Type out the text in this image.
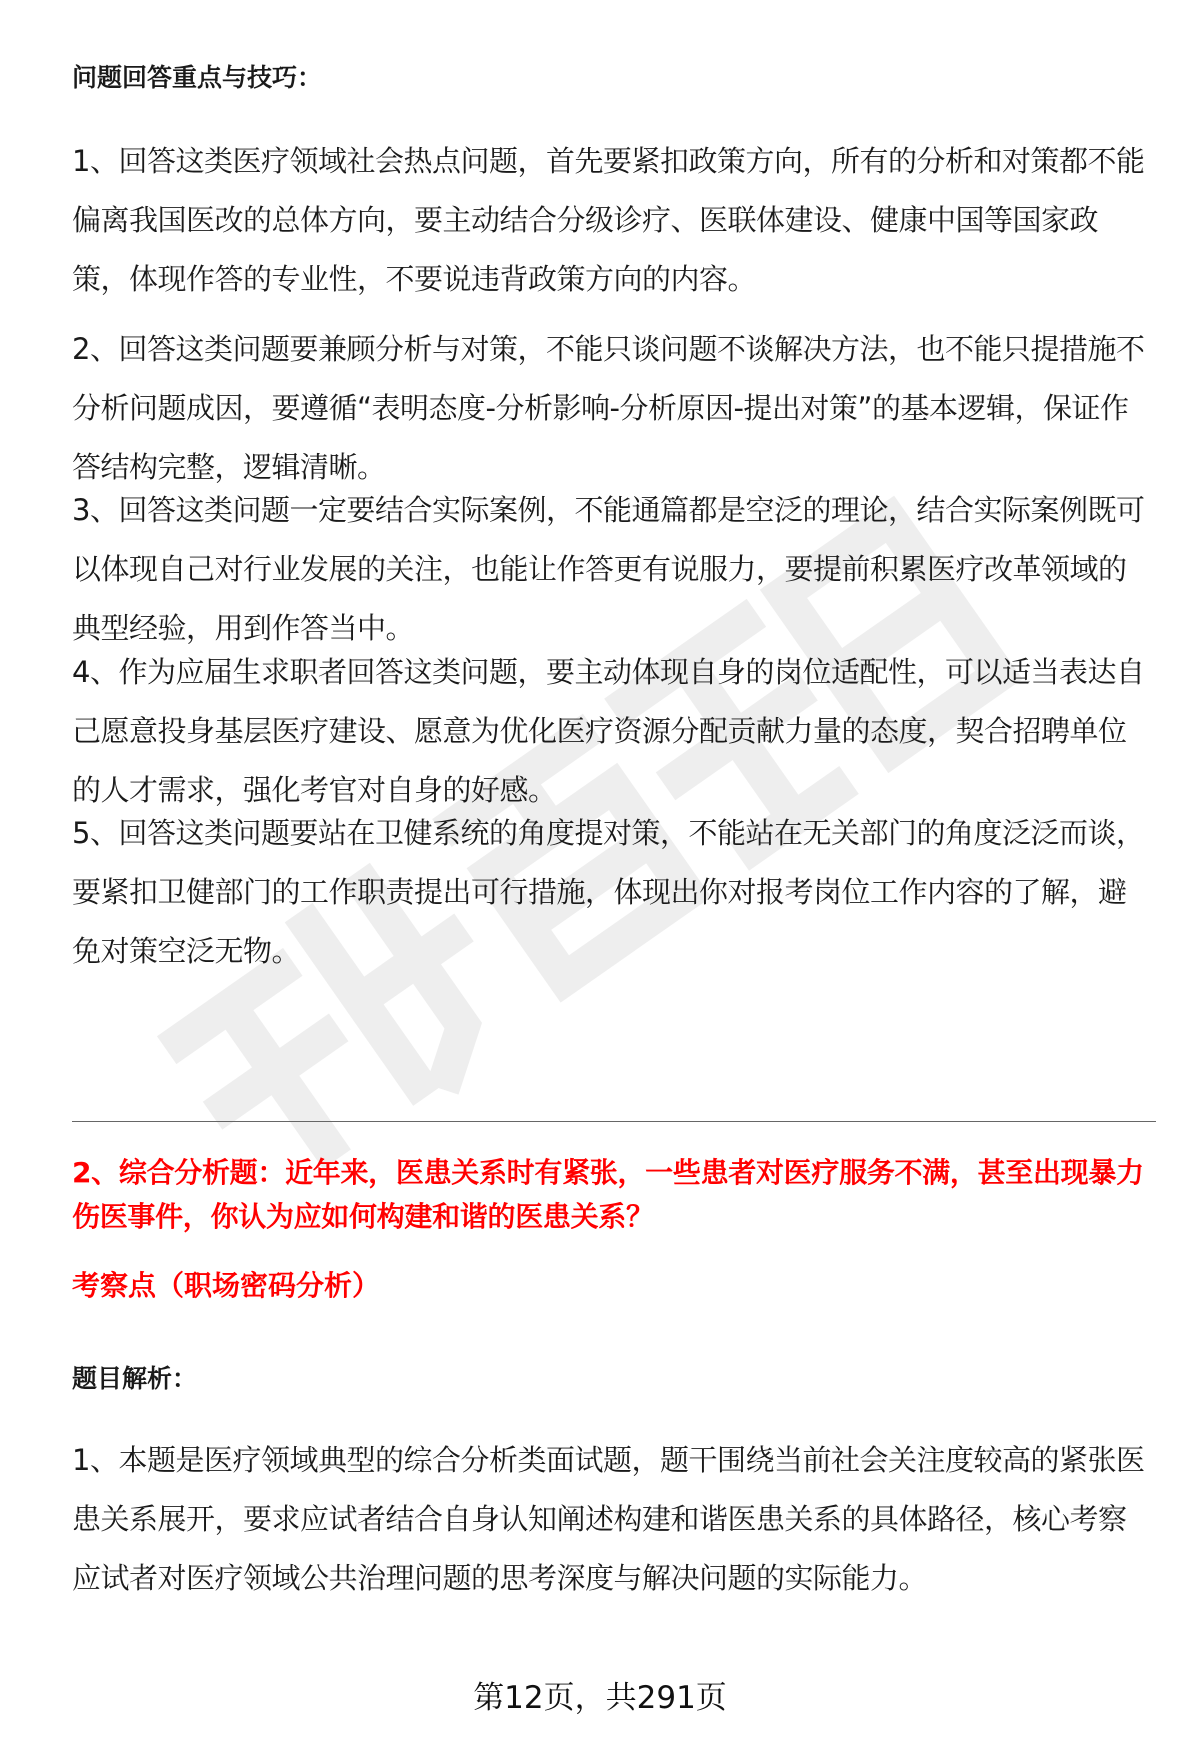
问题回答重点与技巧：
1、回答这类医疗领域社会热点问题，首先要紧扣政策方向，所有的分析和对策都不能偏离我国医改的总体方向，要主动结合分级诊疗、医联体建设、健康中国等国家政策，体现作答的专业性，不要说违背政策方向的内容。
2、回答这类问题要兼顾分析与对策，不能只谈问题不谈解决方法，也不能只提措施不分析问题成因，要遵循“表明态度-分析影响-分析原因-提出对策”的基本逻辑，保证作答结构完整，逻辑清晰。
3、回答这类问题一定要结合实际案例，不能通篇都是空泛的理论，结合实际案例既可以体现自己对行业发展的关注，也能让作答更有说服力，要提前积累医疗改革领域的典型经验，用到作答当中。
4、作为应届生求职者回答这类问题，要主动体现自身的岗位适配性，可以适当表达自己愿意投身基层医疗建设、愿意为优化医疗资源分配贡献力量的态度，契合招聘单位的人才需求，强化考官对自身的好感。
5、回答这类问题要站在卫健系统的角度提对策，不能站在无关部门的角度泛泛而谈，要紧扣卫健部门的工作职责提出可行措施，体现出你对报考岗位工作内容的了解，避免对策空泛无物。
2、综合分析题：近年来，医患关系时有紧张，一些患者对医疗服务不满，甚至出现暴力伤医事件，你认为应如何构建和谐的医患关系？
考察点（职场密码分析）
题目解析：
1、本题是医疗领域典型的综合分析类面试题，题干围绕当前社会关注度较高的紧张医患关系展开，要求应试者结合自身认知阐述构建和谐医患关系的具体路径，核心考察应试者对医疗领域公共治理问题的思考深度与解决问题的实际能力。
第12页，共291页
